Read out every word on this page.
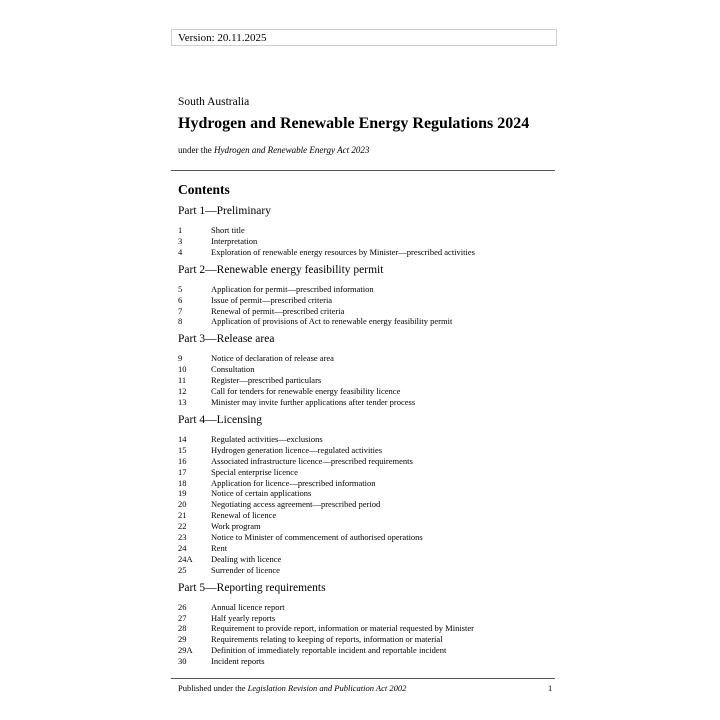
Version: 20.11.2025
South Australia
Hydrogen and Renewable Energy Regulations 2024
under the Hydrogen and Renewable Energy Act 2023
Contents
Part 1—Preliminary
1	Short title
3	Interpretation
4	Exploration of renewable energy resources by Minister—prescribed activities
Part 2—Renewable energy feasibility permit
5	Application for permit—prescribed information
6	Issue of permit—prescribed criteria
7	Renewal of permit—prescribed criteria
8	Application of provisions of Act to renewable energy feasibility permit
Part 3—Release area
9	Notice of declaration of release area
10	Consultation
11	Register—prescribed particulars
12	Call for tenders for renewable energy feasibility licence
13	Minister may invite further applications after tender process
Part 4—Licensing
14	Regulated activities—exclusions
15	Hydrogen generation licence—regulated activities
16	Associated infrastructure licence—prescribed requirements
17	Special enterprise licence
18	Application for licence—prescribed information
19	Notice of certain applications
20	Negotiating access agreement—prescribed period
21	Renewal of licence
22	Work program
23	Notice to Minister of commencement of authorised operations
24	Rent
24A Dealing with licence
25	Surrender of licence
Part 5—Reporting requirements
26	Annual licence report
27	Half yearly reports
28	Requirement to provide report, information or material requested by Minister
29	Requirements relating to keeping of reports, information or material
29A Definition of immediately reportable incident and reportable incident
30	Incident reports
Published under the Legislation Revision and Publication Act 2002	1
